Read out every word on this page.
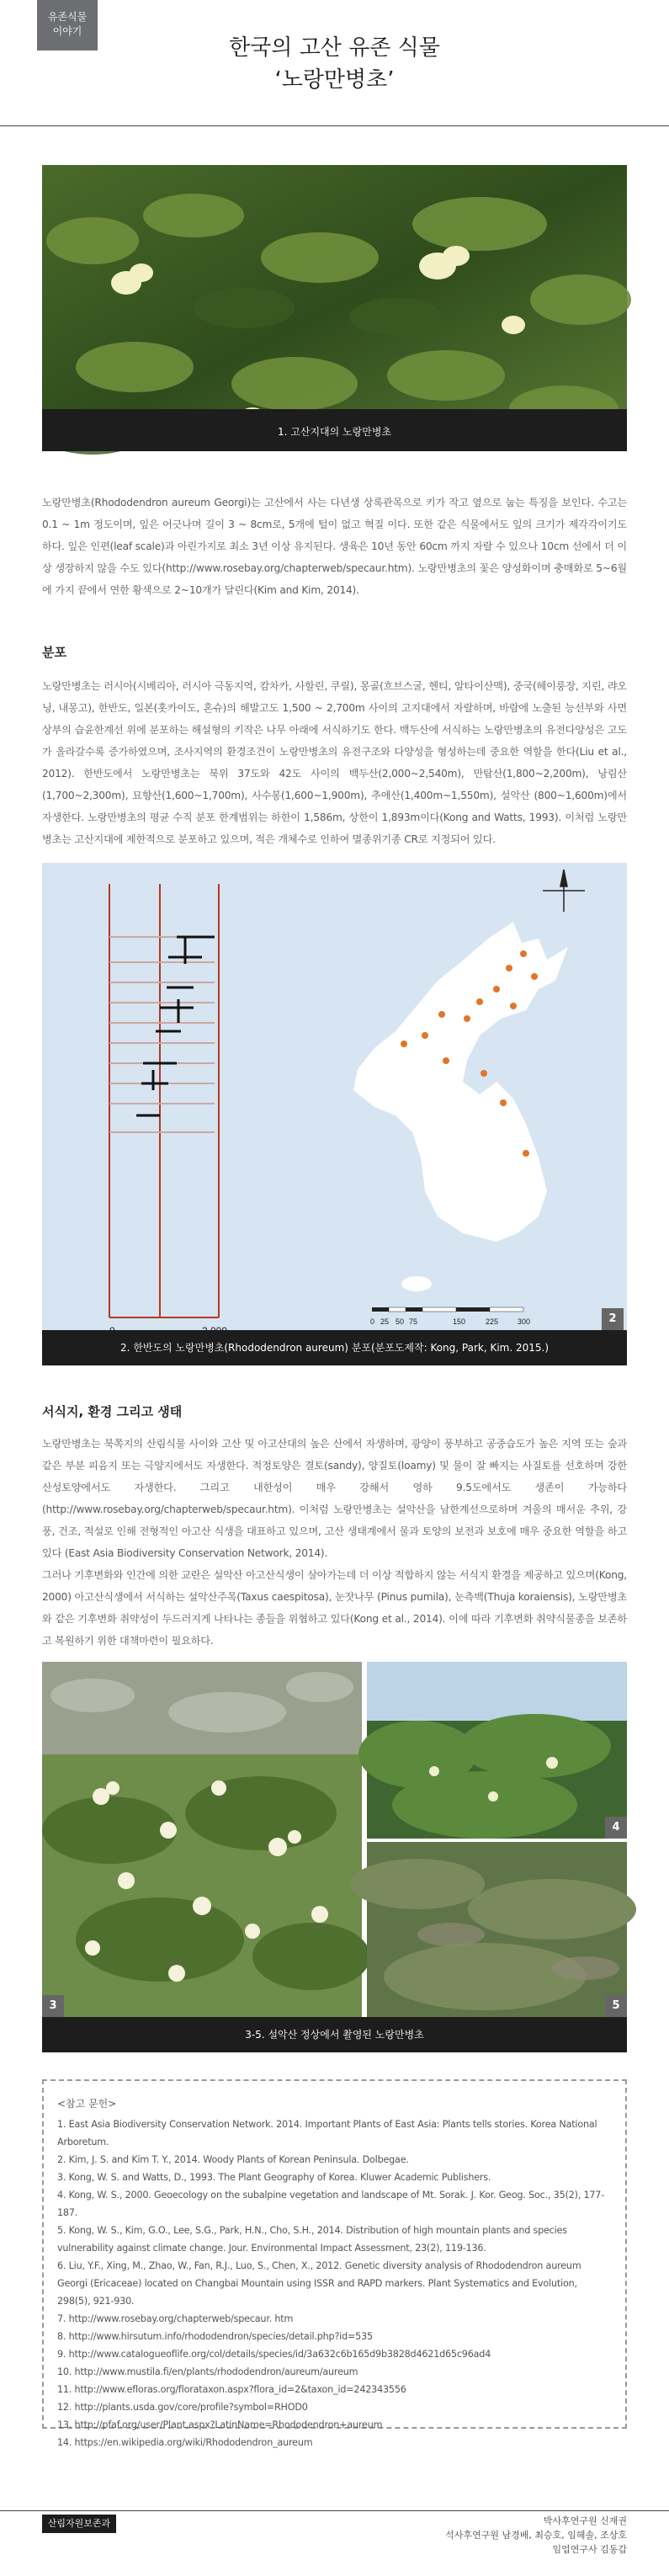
유존식물
이야기
한국의 고산 유존 식물
‘노랑만병초’
1. 고산지대의 노랑만병초
노랑만병초(Rhododendron aureum Georgi)는 고산에서 사는 다년생 상록관목으로 키가 작고 옆으로 눕는 특징을 보인다. 수고는 0.1 ~ 1m 정도이며, 잎은 어긋나며 길이 3 ~ 8cm로, 5개에 털이 없고 혁질 이다. 또한 같은 식물에서도 잎의 크기가 제각각이기도 하다. 잎은 인편(leaf scale)과 아린가지로 최소 3년 이상 유지된다. 생육은 10년 동안 60cm 까지 자랄 수 있으나 10cm 선에서 더 이상 생장하지 않을 수도 있다(http://www.rosebay.org/chapterweb/specaur.htm). 노랑만병초의 꽃은 양성화이며 충매화로 5~6월에 가지 끝에서 연한 황색으로 2~10개가 달린다(Kim and Kim, 2014).
분포
노랑만병초는 러시아(시베리아, 러시아 극동지역, 캄차카, 사할린, 쿠릴), 몽골(흐브스굴, 헨티, 알타이산맥), 중국(헤이룽장, 지린, 랴오닝, 내몽고), 한반도, 일본(홋카이도, 혼슈)의 해발고도 1,500 ~ 2,700m 사이의 고지대에서 자랄하며, 바람에 노출된 능선부와 사면상부의 습윤한계선 위에 분포하는 해설형의 키작은 나무 아래에 서식하기도 한다. 백두산에 서식하는 노랑만병초의 유전다양성은 고도가 올라갈수록 증가하였으며, 조사지역의 환경조건이 노랑만병초의 유전구조와 다양성을 형성하는데 중요한 역할을 한다(Liu et al., 2012). 한반도에서 노랑만병초는 북위 37도와 42도 사이의 백두산(2,000~2,540m), 만탑산(1,800~2,200m), 낭림산(1,700~2,300m), 묘향산(1,600~1,700m), 사수봉(1,600~1,900m), 추애산(1,400m~1,550m), 설악산 (800~1,600m)에서 자생한다. 노랑만병초의 평균 수직 분포 한계범위는 하한이 1,586m, 상한이 1,893m이다(Kong and Watts, 1993). 이처럼 노랑만병초는 고산지대에 제한적으로 분포하고 있으며, 적은 개체수로 인하여 멸종위기종 CR로 지정되어 있다.
0 25 50 75	150	225	300	2
2. 한반도의 노랑만병초(Rhododendron aureum) 분포(분포도제작: Kong, Park, Kim. 2015.)
서식지, 환경 그리고 생태
노랑만병초는 북쪽지의 산림식물 사이와 고산 및 아고산대의 높은 산에서 자생하며, 광양이 풍부하고 공중습도가 높은 지역 또는 숲과 같은 부분 피음지 또는 극양지에서도 자생한다. 적정토양은 결토(sandy), 양질토(loamy) 및 물이 잘 빠지는 사질토를 선호하며 강한 산성토양에서도 자생한다. 그리고 내한성이 매우 강해서 영하 9.5도에서도 생존이 가능하다(http://www.rosebay.org/chapterweb/specaur.htm). 이처럼 노랑만병초는 설악산을 남한계선으로하며 겨울의 매서운 추위, 강풍, 건조, 적설로 인해 전형적인 아고산 식생을 대표하고 있으며, 고산 생태계에서 물과 토양의 보전과 보호에 매우 중요한 역할을 하고 있다 (East Asia Biodiversity Conservation Network, 2014).
그러나 기후변화와 인간에 의한 교란은 설악산 아고산식생이 살아가는데 더 이상 적합하지 않는 서식지 환경을 제공하고 있으며(Kong, 2000) 아고산식생에서 서식하는 설악산주목(Taxus caespitosa), 눈잣나무 (Pinus pumila), 눈측백(Thuja koraiensis), 노랑만병초와 같은 기후변화 취약성이 두드러지게 나타나는 종들을 위협하고 있다(Kong et al., 2014). 이에 따라 기후변화 취약식물종을 보존하고 복원하기 위한 대책마련이 필요하다.
3
4
5
3-5. 설악산 정상에서 촬영된 노랑만병초
<참고 문헌>
1. East Asia Biodiversity Conservation Network. 2014. Important Plants of East Asia: Plants tells stories. Korea National Arboretum.
2. Kim, J. S. and Kim T. Y., 2014. Woody Plants of Korean Peninsula. Dolbegae.
3. Kong, W. S. and Watts, D., 1993. The Plant Geography of Korea. Kluwer Academic Publishers.
4. Kong, W. S., 2000. Geoecology on the subalpine vegetation and landscape of Mt. Sorak. J. Kor. Geog. Soc., 35(2), 177-187.
5. Kong, W. S., Kim, G.O., Lee, S.G., Park, H.N., Cho, S.H., 2014. Distribution of high mountain plants and species vulnerability against climate change. Jour. Environmental Impact Assessment, 23(2), 119-136.
6. Liu, Y.F., Xing, M., Zhao, W., Fan, R.J., Luo, S., Chen, X., 2012. Genetic diversity analysis of Rhododendron aureum Georgi (Ericaceae) located on Changbai Mountain using ISSR and RAPD markers. Plant Systematics and Evolution, 298(5), 921-930.
7. http://www.rosebay.org/chapterweb/specaur. htm
8. http://www.hirsutum.info/rhododendron/species/detail.php?id=535
9. http://www.catalogueoflife.org/col/details/species/id/3a632c6b165d9b3828d4621d65c96ad4
10. http://www.mustila.fi/en/plants/rhododendron/aureum/aureum
11. http://www.efloras.org/florataxon.aspx?flora_id=2&taxon_id=242343556
12. http://plants.usda.gov/core/profile?symbol=RHOD0
13. http://pfaf.org/user/Plant.aspx?LatinName=Rhododendron+aureum
14. https://en.wikipedia.org/wiki/Rhododendron_aureum
산림자원보존과	박사후연구원 신재권
석사후연구원 남경배, 최승호, 임혜솔, 조상호
임업연구사 김동갑
